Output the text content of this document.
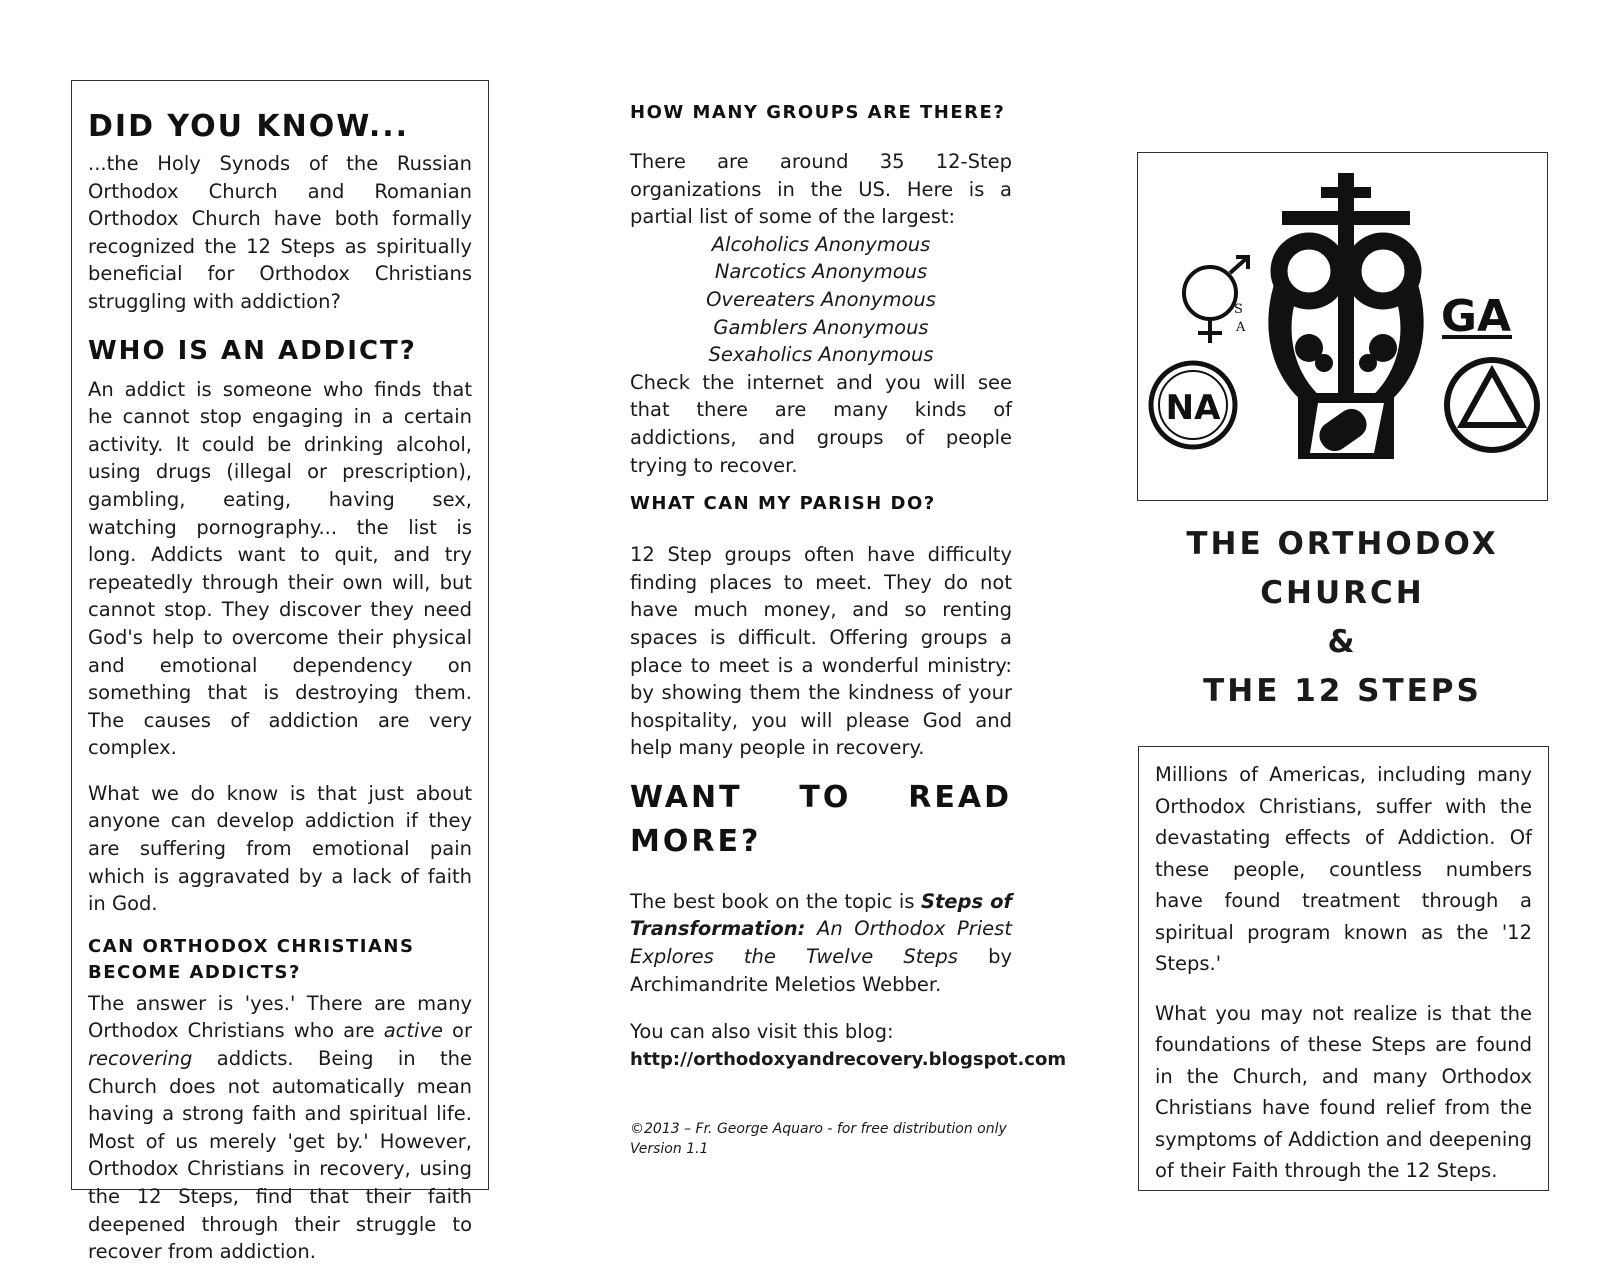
DID YOU KNOW...

...the Holy Synods of the Russian Orthodox Church and Romanian Orthodox Church have both formally recognized the 12 Steps as spiritually beneficial for Orthodox Christians struggling with addiction?

WHO IS AN ADDICT?

An addict is someone who finds that he cannot stop engaging in a certain activity. It could be drinking alcohol, using drugs (illegal or prescription), gambling, eating, having sex, watching pornography... the list is long. Addicts want to quit, and try repeatedly through their own will, but cannot stop. They discover they need God's help to overcome their physical and emotional dependency on something that is destroying them. The causes of addiction are very complex.

What we do know is that just about anyone can develop addiction if they are suffering from emotional pain which is aggravated by a lack of faith in God.

CAN ORTHODOX CHRISTIANS BECOME ADDICTS?

The answer is 'yes.' There are many Orthodox Christians who are active or recovering addicts. Being in the Church does not automatically mean having a strong faith and spiritual life. Most of us merely 'get by.' However, Orthodox Christians in recovery, using the 12 Steps, find that their faith deepened through their struggle to recover from addiction.

HOW MANY GROUPS ARE THERE?

There are around 35 12-Step organizations in the US. Here is a partial list of some of the largest:

Alcoholics Anonymous
Narcotics Anonymous
Overeaters Anonymous
Gamblers Anonymous
Sexaholics Anonymous

Check the internet and you will see that there are many kinds of addictions, and groups of people trying to recover.

WHAT CAN MY PARISH DO?

12 Step groups often have difficulty finding places to meet. They do not have much money, and so renting spaces is difficult. Offering groups a place to meet is a wonderful ministry: by showing them the kindness of your hospitality, you will please God and help many people in recovery.

WANT TO READ MORE?

The best book on the topic is Steps of Transformation: An Orthodox Priest Explores the Twelve Steps by Archimandrite Meletios Webber.

You can also visit this blog:

http://orthodoxyandrecovery.blogspot.com
©2013 – Fr. George Aquaro - for free distribution only
Version 1.1
NA
S
A	GA
THE ORTHODOX
CHURCH
&
THE 12 STEPS

Millions of Americas, including many Orthodox Christians, suffer with the devastating effects of Addiction. Of these people, countless numbers have found treatment through a spiritual program known as the '12 Steps.'

What you may not realize is that the foundations of these Steps are found in the Church, and many Orthodox Christians have found relief from the symptoms of Addiction and deepening of their Faith through the 12 Steps.
